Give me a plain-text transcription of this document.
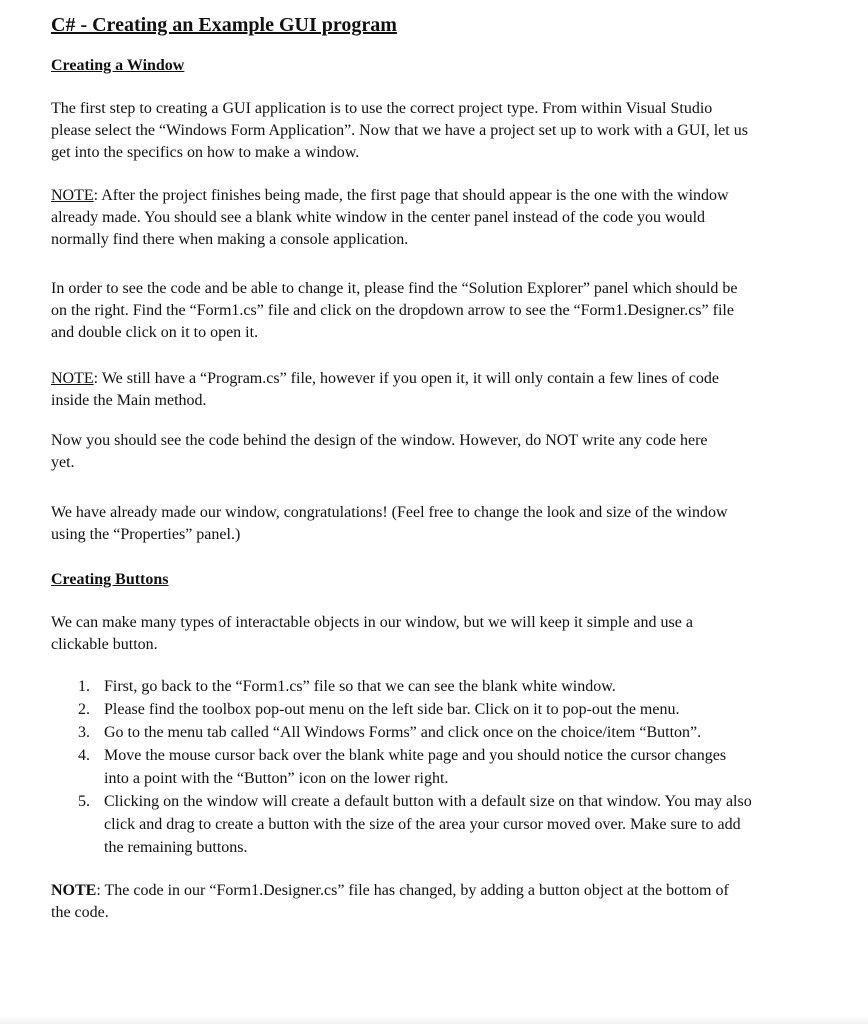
C# - Creating an Example GUI program
Creating a Window

The first step to creating a GUI application is to use the correct project type. From within Visual Studio please select the “Windows Form Application”. Now that we have a project set up to work with a GUI, let us get into the specifics on how to make a window.

NOTE: After the project finishes being made, the first page that should appear is the one with the window already made. You should see a blank white window in the center panel instead of the code you would normally find there when making a console application.

In order to see the code and be able to change it, please find the “Solution Explorer” panel which should be on the right. Find the “Form1.cs” file and click on the dropdown arrow to see the “Form1.Designer.cs” file and double click on it to open it.

NOTE: We still have a “Program.cs” file, however if you open it, it will only contain a few lines of code inside the Main method.

Now you should see the code behind the design of the window. However, do NOT write any code here yet.

We have already made our window, congratulations! (Feel free to change the look and size of the window using the “Properties” panel.)

Creating Buttons

We can make many types of interactable objects in our window, but we will keep it simple and use a clickable button.

1. First, go back to the “Form1.cs” file so that we can see the blank white window.
2. Please find the toolbox pop-out menu on the left side bar. Click on it to pop-out the menu.
3. Go to the menu tab called “All Windows Forms” and click once on the choice/item “Button”.
4. Move the mouse cursor back over the blank white page and you should notice the cursor changes into a point with the “Button” icon on the lower right.
5. Clicking on the window will create a default button with a default size on that window. You may also click and drag to create a button with the size of the area your cursor moved over. Make sure to add the remaining buttons.

NOTE: The code in our “Form1.Designer.cs” file has changed, by adding a button object at the bottom of the code.
